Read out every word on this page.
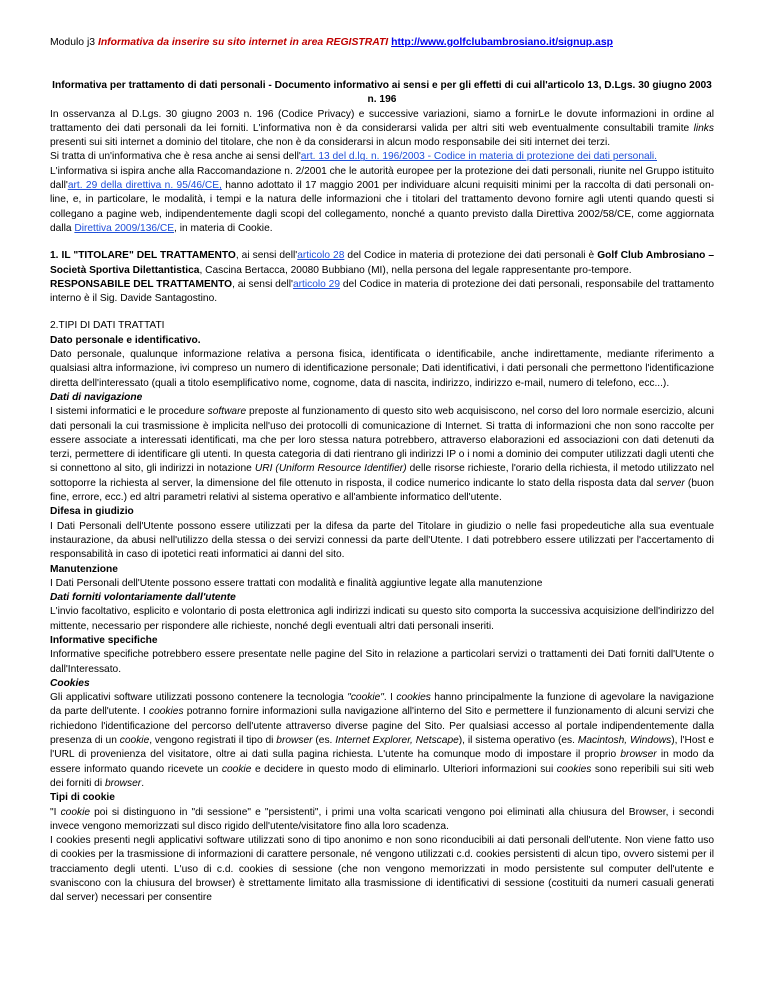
Modulo j3 Informativa da inserire su sito internet in area REGISTRATI http://www.golfclubambrosiano.it/signup.asp

Informativa per trattamento di dati personali - Documento informativo ai sensi e per gli effetti di cui all'articolo 13, D.Lgs. 30 giugno 2003 n. 196

In osservanza al D.Lgs. 30 giugno 2003 n. 196 (Codice Privacy) e successive variazioni, siamo a fornirLe le dovute informazioni in ordine al trattamento dei dati personali da lei forniti. L'informativa non è da considerarsi valida per altri siti web eventualmente consultabili tramite links presenti sui siti internet a dominio del titolare, che non è da considerarsi in alcun modo responsabile dei siti internet dei terzi.

Si tratta di un'informativa che è resa anche ai sensi dell'art. 13 del d.lg. n. 196/2003 - Codice in materia di protezione dei dati personali.

L'informativa si ispira anche alla Raccomandazione n. 2/2001 che le autorità europee per la protezione dei dati personali, riunite nel Gruppo istituito dall'art. 29 della direttiva n. 95/46/CE, hanno adottato il 17 maggio 2001 per individuare alcuni requisiti minimi per la raccolta di dati personali on-line, e, in particolare, le modalità, i tempi e la natura delle informazioni che i titolari del trattamento devono fornire agli utenti quando questi si collegano a pagine web, indipendentemente dagli scopi del collegamento, nonché a quanto previsto dalla Direttiva 2002/58/CE, come aggiornata dalla Direttiva 2009/136/CE, in materia di Cookie.

1. IL "TITOLARE" DEL TRATTAMENTO, ai sensi dell'articolo 28 del Codice in materia di protezione dei dati personali è Golf Club Ambrosiano – Società Sportiva Dilettantistica, Cascina Bertacca, 20080 Bubbiano (MI), nella persona del legale rappresentante pro-tempore.

RESPONSABILE DEL TRATTAMENTO, ai sensi dell'articolo 29 del Codice in materia di protezione dei dati personali, responsabile del trattamento interno è il Sig. Davide Santagostino.

2.TIPI DI DATI TRATTATI

Dato personale e identificativo.

Dato personale, qualunque informazione relativa a persona fisica, identificata o identificabile, anche indirettamente, mediante riferimento a qualsiasi altra informazione, ivi compreso un numero di identificazione personale; Dati identificativi, i dati personali che permettono l'identificazione diretta dell'interessato (quali a titolo esemplificativo nome, cognome, data di nascita, indirizzo, indirizzo e-mail, numero di telefono, ecc...).

Dati di navigazione

I sistemi informatici e le procedure software preposte al funzionamento di questo sito web acquisiscono, nel corso del loro normale esercizio, alcuni dati personali la cui trasmissione è implicita nell'uso dei protocolli di comunicazione di Internet. Si tratta di informazioni che non sono raccolte per essere associate a interessati identificati, ma che per loro stessa natura potrebbero, attraverso elaborazioni ed associazioni con dati detenuti da terzi, permettere di identificare gli utenti. In questa categoria di dati rientrano gli indirizzi IP o i nomi a dominio dei computer utilizzati dagli utenti che si connettono al sito, gli indirizzi in notazione URI (Uniform Resource Identifier) delle risorse richieste, l'orario della richiesta, il metodo utilizzato nel sottoporre la richiesta al server, la dimensione del file ottenuto in risposta, il codice numerico indicante lo stato della risposta data dal server (buon fine, errore, ecc.) ed altri parametri relativi al sistema operativo e all'ambiente informatico dell'utente.

Difesa in giudizio

I Dati Personali dell'Utente possono essere utilizzati per la difesa da parte del Titolare in giudizio o nelle fasi propedeutiche alla sua eventuale instaurazione, da abusi nell'utilizzo della stessa o dei servizi connessi da parte dell'Utente. I dati potrebbero essere utilizzati per l'accertamento di responsabilità in caso di ipotetici reati informatici ai danni del sito.

Manutenzione

I Dati Personali dell'Utente possono essere trattati con modalità e finalità aggiuntive legate alla manutenzione

Dati forniti volontariamente dall'utente

L'invio facoltativo, esplicito e volontario di posta elettronica agli indirizzi indicati su questo sito comporta la successiva acquisizione dell'indirizzo del mittente, necessario per rispondere alle richieste, nonché degli eventuali altri dati personali inseriti.

Informative specifiche

Informative specifiche potrebbero essere presentate nelle pagine del Sito in relazione a particolari servizi o trattamenti dei Dati forniti dall'Utente o dall'Interessato.

Cookies

Gli applicativi software utilizzati possono contenere la tecnologia "cookie". I cookies hanno principalmente la funzione di agevolare la navigazione da parte dell'utente. I cookies potranno fornire informazioni sulla navigazione all'interno del Sito e permettere il funzionamento di alcuni servizi che richiedono l'identificazione del percorso dell'utente attraverso diverse pagine del Sito. Per qualsiasi accesso al portale indipendentemente dalla presenza di un cookie, vengono registrati il tipo di browser (es. Internet Explorer, Netscape), il sistema operativo (es. Macintosh, Windows), l'Host e l'URL di provenienza del visitatore, oltre ai dati sulla pagina richiesta. L'utente ha comunque modo di impostare il proprio browser in modo da essere informato quando ricevete un cookie e decidere in questo modo di eliminarlo. Ulteriori informazioni sui cookies sono reperibili sui siti web dei forniti di browser.

Tipi di cookie

"I cookie poi si distinguono in "di sessione" e "persistenti", i primi una volta scaricati vengono poi eliminati alla chiusura del Browser, i secondi invece vengono memorizzati sul disco rigido dell'utente/visitatore fino alla loro scadenza.

I cookies presenti negli applicativi software utilizzati sono di tipo anonimo e non sono riconducibili ai dati personali dell'utente. Non viene fatto uso di cookies per la trasmissione di informazioni di carattere personale, né vengono utilizzati c.d. cookies persistenti di alcun tipo, ovvero sistemi per il tracciamento degli utenti. L'uso di c.d. cookies di sessione (che non vengono memorizzati in modo persistente sul computer dell'utente e svaniscono con la chiusura del browser) è strettamente limitato alla trasmissione di identificativi di sessione (costituiti da numeri casuali generati dal server) necessari per consentire
